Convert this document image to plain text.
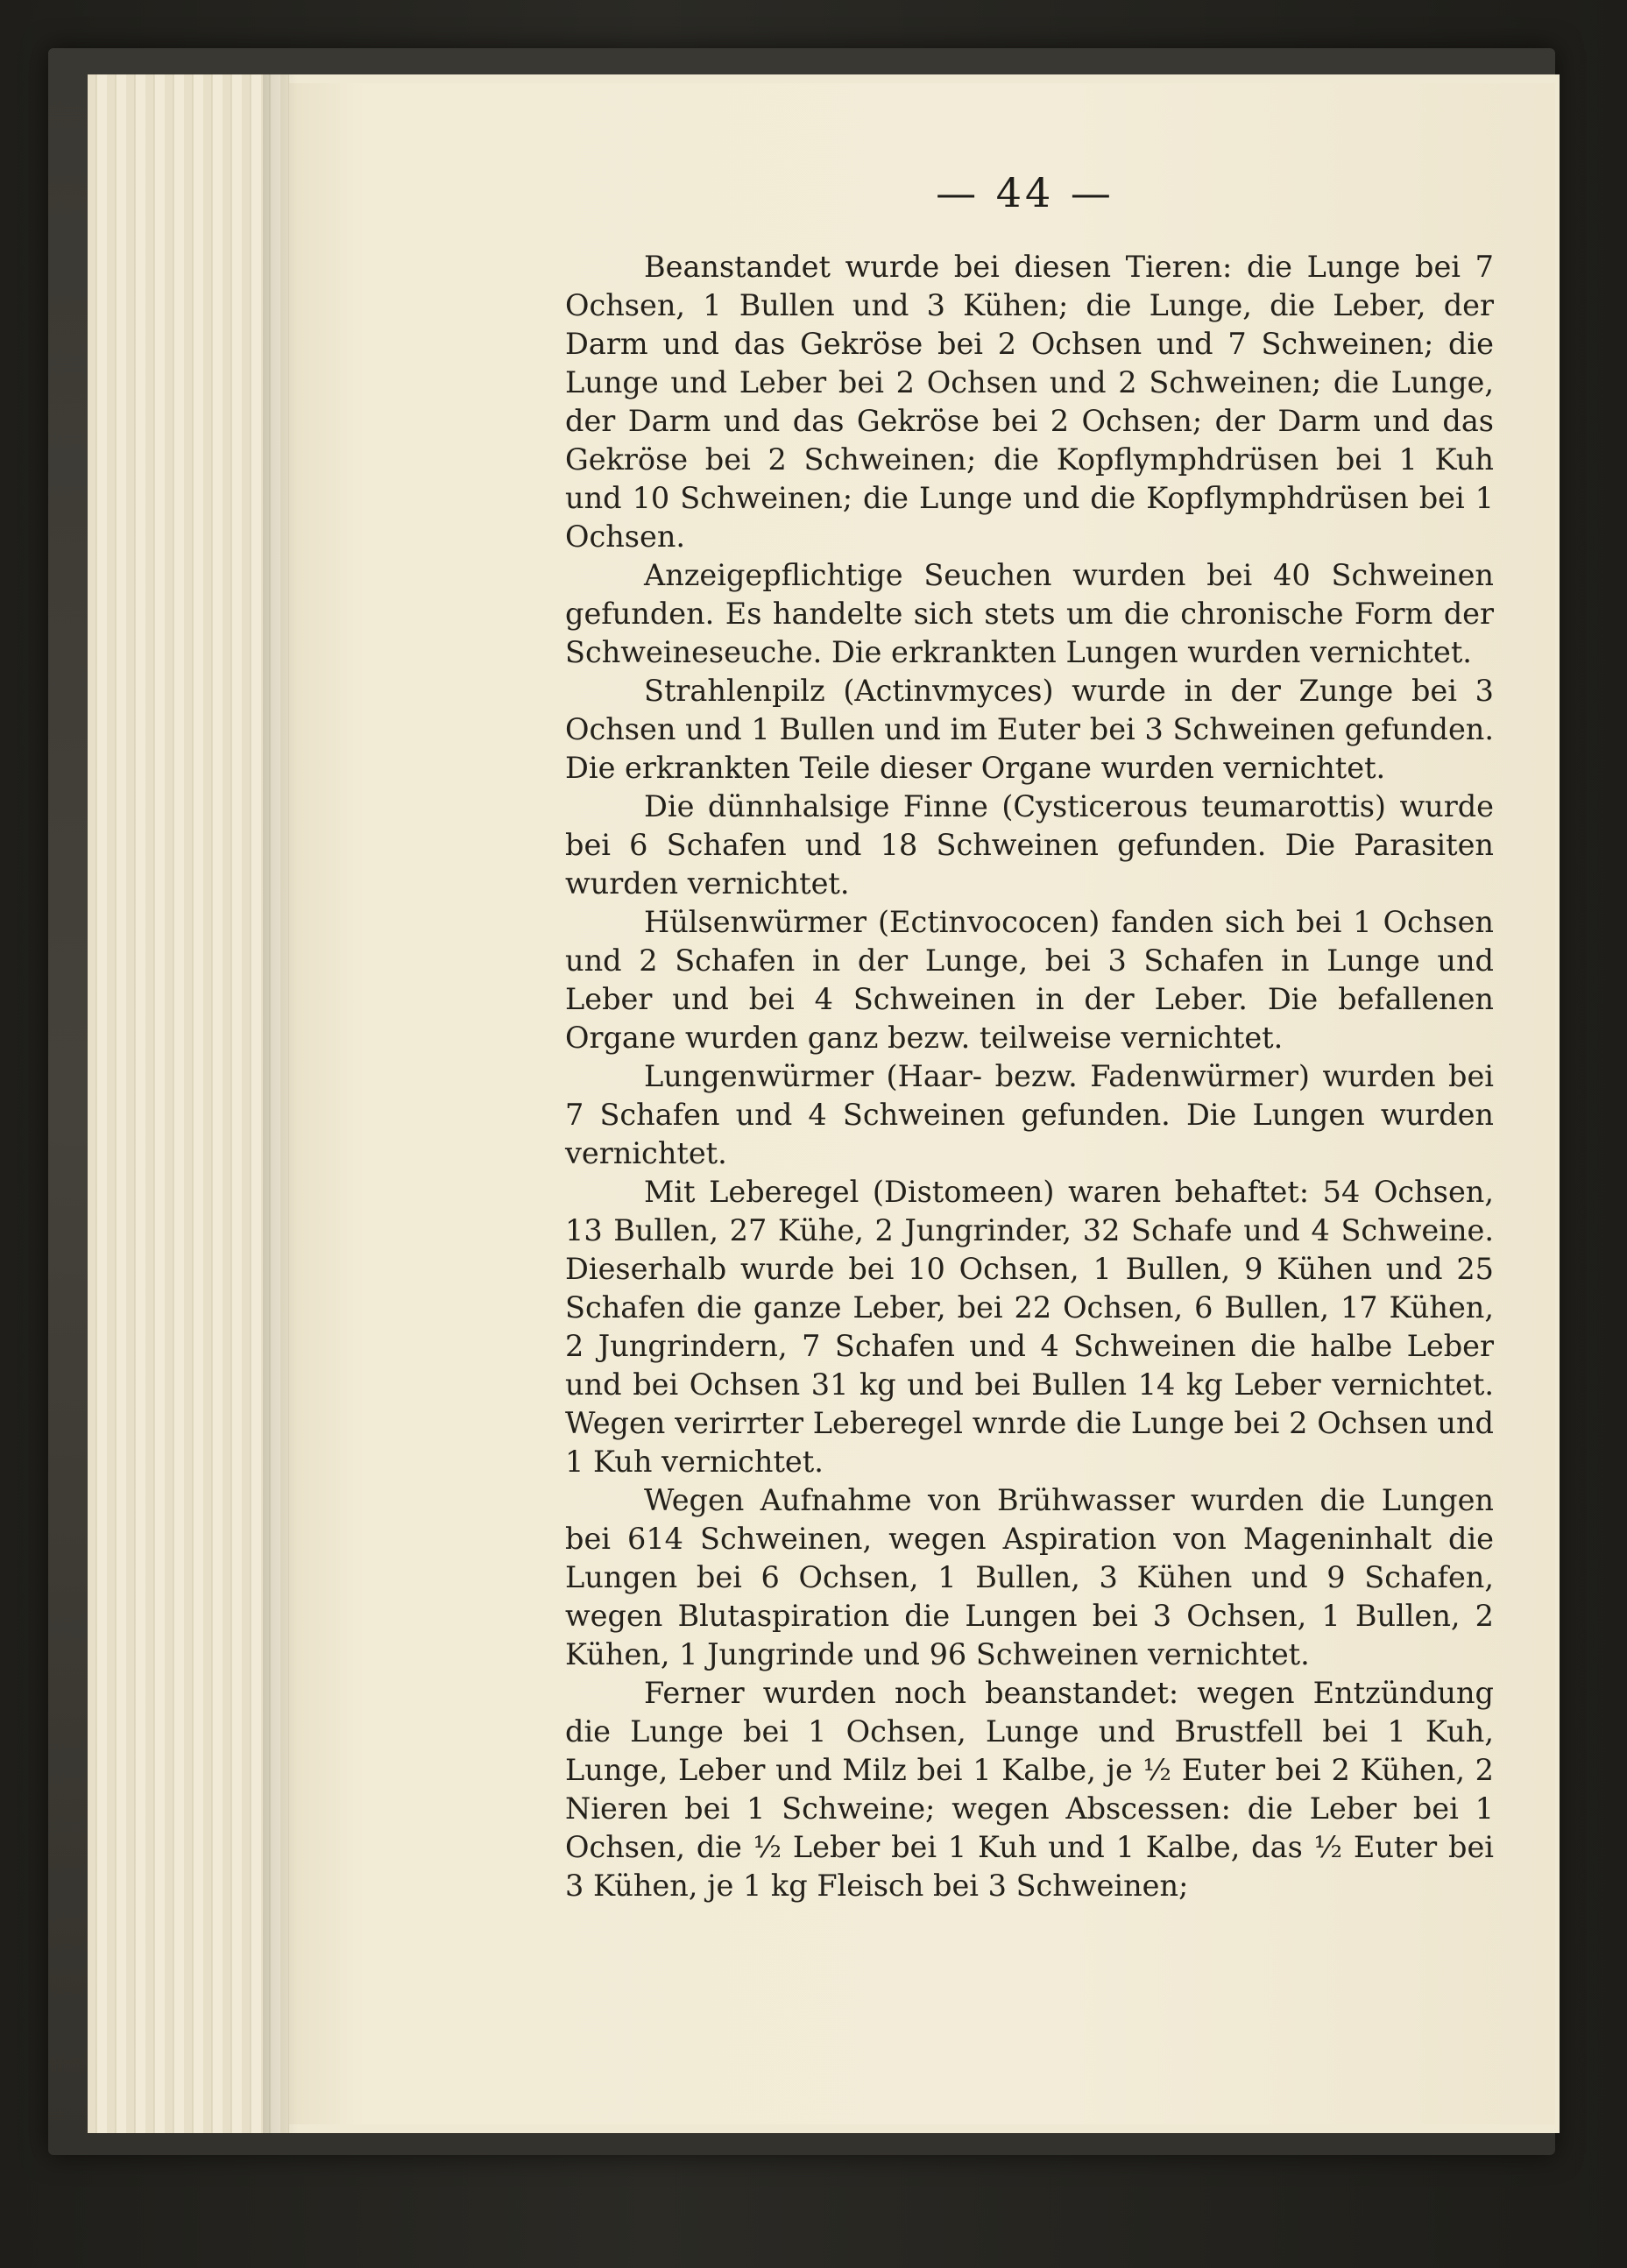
— 44 —

Beanstandet wurde bei diesen Tieren: die Lunge bei 7 Ochsen, 1 Bullen und 3 Kühen; die Lunge, die Leber, der Darm und das Gekröse bei 2 Ochsen und 7 Schweinen; die Lunge und Leber bei 2 Ochsen und 2 Schweinen; die Lunge, der Darm und das Gekröse bei 2 Ochsen; der Darm und das Gekröse bei 2 Schweinen; die Kopflymphdrüsen bei 1 Kuh und 10 Schweinen; die Lunge und die Kopflymphdrüsen bei 1 Ochsen.

Anzeigepflichtige Seuchen wurden bei 40 Schweinen gefunden. Es handelte sich stets um die chronische Form der Schweineseuche. Die erkrankten Lungen wurden vernichtet.

Strahlenpilz (Actinvmyces) wurde in der Zunge bei 3 Ochsen und 1 Bullen und im Euter bei 3 Schweinen gefunden. Die erkrankten Teile dieser Organe wurden vernichtet.

Die dünnhalsige Finne (Cysticerous teumarottis) wurde bei 6 Schafen und 18 Schweinen gefunden. Die Parasiten wurden vernichtet.

Hülsenwürmer (Ectinvococen) fanden sich bei 1 Ochsen und 2 Schafen in der Lunge, bei 3 Schafen in Lunge und Leber und bei 4 Schweinen in der Leber. Die befallenen Organe wurden ganz bezw. teilweise vernichtet.

Lungenwürmer (Haar- bezw. Fadenwürmer) wurden bei 7 Schafen und 4 Schweinen gefunden. Die Lungen wurden vernichtet.

Mit Leberegel (Distomeen) waren behaftet: 54 Ochsen, 13 Bullen, 27 Kühe, 2 Jungrinder, 32 Schafe und 4 Schweine. Dieserhalb wurde bei 10 Ochsen, 1 Bullen, 9 Kühen und 25 Schafen die ganze Leber, bei 22 Ochsen, 6 Bullen, 17 Kühen, 2 Jungrindern, 7 Schafen und 4 Schweinen die halbe Leber und bei Ochsen 31 kg und bei Bullen 14 kg Leber vernichtet. Wegen verirrter Leberegel wnrde die Lunge bei 2 Ochsen und 1 Kuh vernichtet.

Wegen Aufnahme von Brühwasser wurden die Lungen bei 614 Schweinen, wegen Aspiration von Mageninhalt die Lungen bei 6 Ochsen, 1 Bullen, 3 Kühen und 9 Schafen, wegen Blutaspiration die Lungen bei 3 Ochsen, 1 Bullen, 2 Kühen, 1 Jungrinde und 96 Schweinen vernichtet.

Ferner wurden noch beanstandet: wegen Entzündung die Lunge bei 1 Ochsen, Lunge und Brustfell bei 1 Kuh, Lunge, Leber und Milz bei 1 Kalbe, je ½ Euter bei 2 Kühen, 2 Nieren bei 1 Schweine; wegen Abscessen: die Leber bei 1 Ochsen, die ½ Leber bei 1 Kuh und 1 Kalbe, das ½ Euter bei 3 Kühen, je 1 kg Fleisch bei 3 Schweinen;
